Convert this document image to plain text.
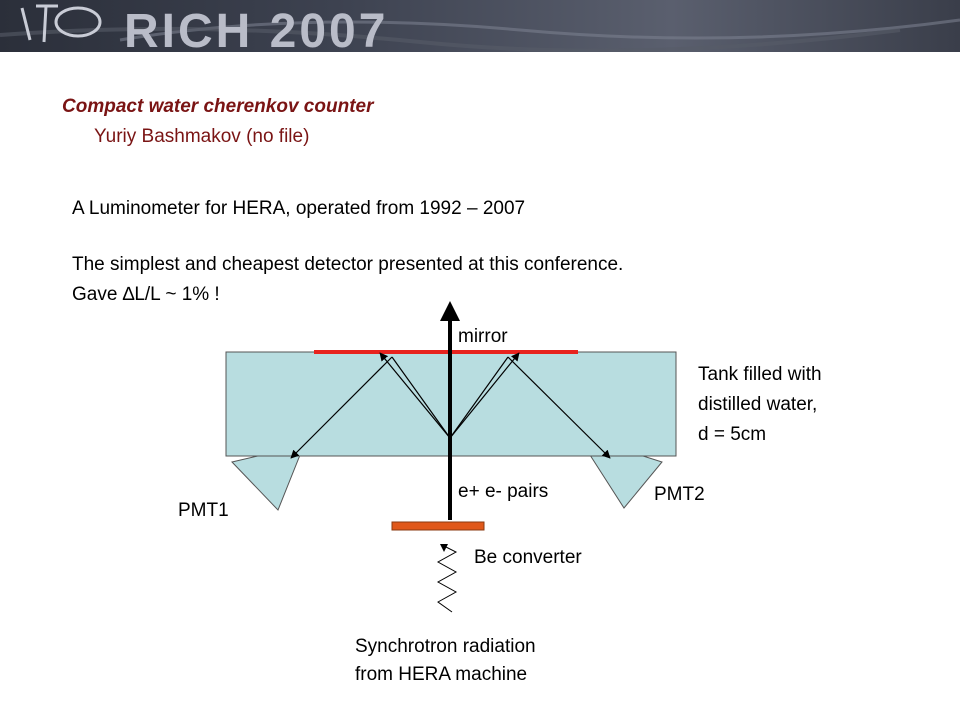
RICH 2007

Compact water cherenkov counter

Yuriy Bashmakov (no file)

A Luminometer for HERA, operated from 1992 – 2007

The simplest and cheapest detector presented at this conference.

Gave ∆L/L ~ 1% !

mirror

Tank filled with

distilled water,

d = 5cm

e+ e- pairs	PMT2

PMT1

Be converter

Synchrotron radiation

from HERA machine
